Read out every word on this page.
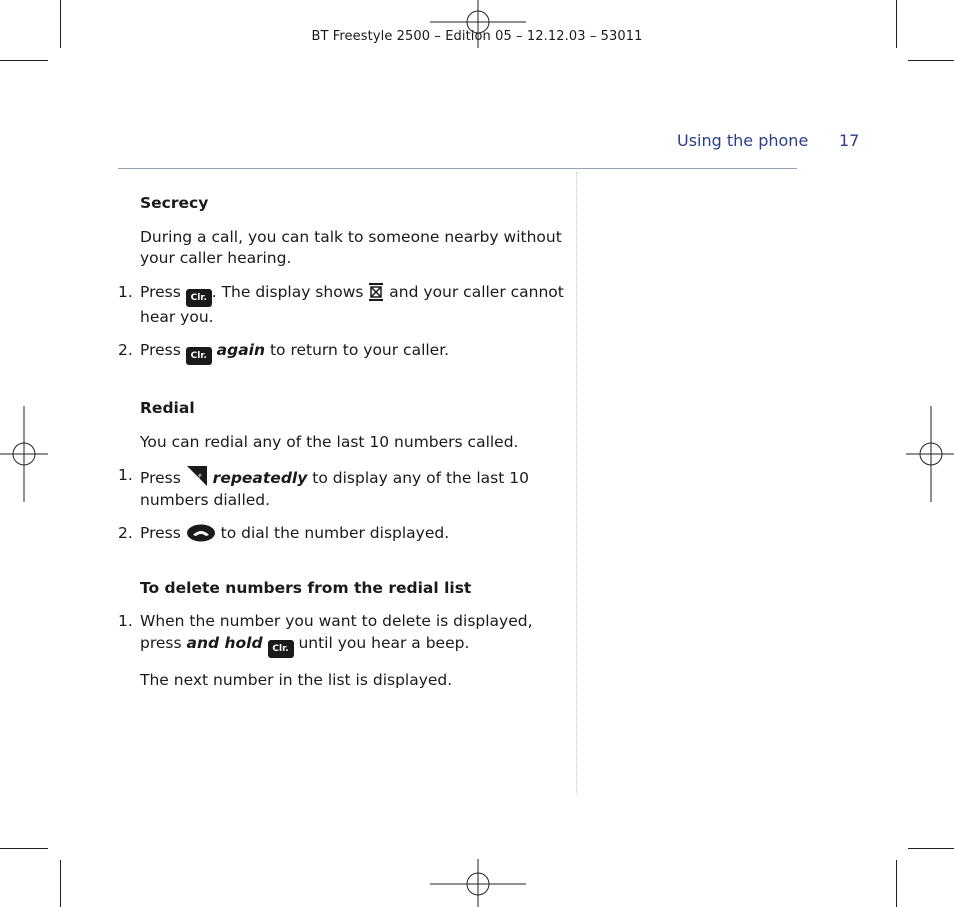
BT Freestyle 2500 – Edition 05 – 12.12.03 – 53011
Using the phone 17
Secrecy
During a call, you can talk to someone nearby without your caller hearing.
1. Press Clr. . The display shows  and your caller cannot hear you.
2. Press Clr. again to return to your caller.
Redial
You can redial any of the last 10 numbers called.
1. Press R repeatedly to display any of the last 10 numbers dialled.
2. Press  to dial the number displayed.
To delete numbers from the redial list
1. When the number you want to delete is displayed, press and hold Clr. until you hear a beep.
The next number in the list is displayed.
